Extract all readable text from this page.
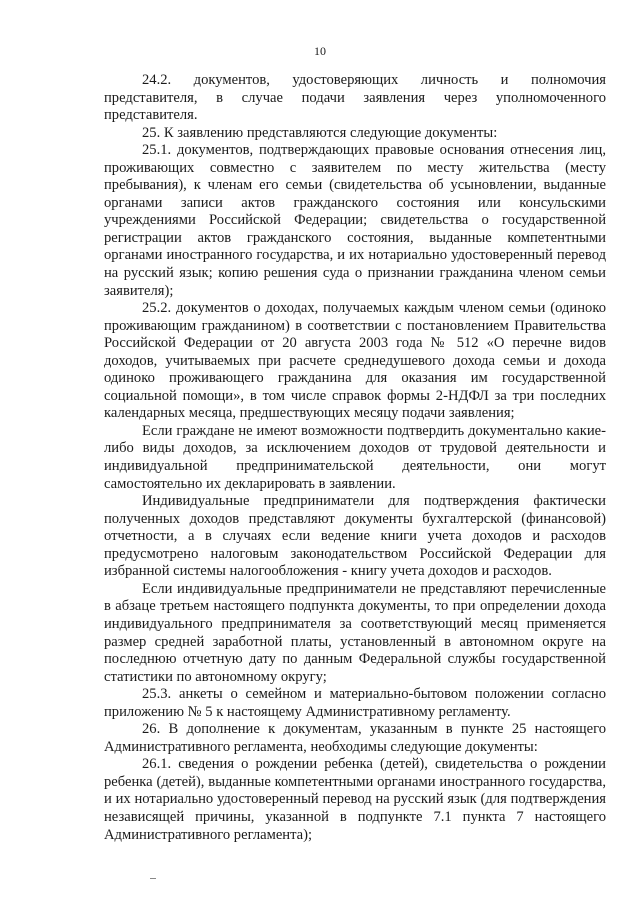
10

24.2. документов, удостоверяющих личность и полномочия представителя, в случае подачи заявления через уполномоченного представителя.

25. К заявлению представляются следующие документы:

25.1. документов, подтверждающих правовые основания отнесения лиц, проживающих совместно с заявителем по месту жительства (месту пребывания), к членам его семьи (свидетельства об усыновлении, выданные органами записи актов гражданского состояния или консульскими учреждениями Российской Федерации; свидетельства о государственной регистрации актов гражданского состояния, выданные компетентными органами иностранного государства, и их нотариально удостоверенный перевод на русский язык; копию решения суда о признании гражданина членом семьи заявителя);

25.2. документов о доходах, получаемых каждым членом семьи (одиноко проживающим гражданином) в соответствии с постановлением Правительства Российской Федерации от 20 августа 2003 года № 512 «О перечне видов доходов, учитываемых при расчете среднедушевого дохода семьи и дохода одиноко проживающего гражданина для оказания им государственной социальной помощи», в том числе справок формы 2-НДФЛ за три последних календарных месяца, предшествующих месяцу подачи заявления;

Если граждане не имеют возможности подтвердить документально какие-либо виды доходов, за исключением доходов от трудовой деятельности и индивидуальной предпринимательской деятельности, они могут самостоятельно их декларировать в заявлении.

Индивидуальные предприниматели для подтверждения фактически полученных доходов представляют документы бухгалтерской (финансовой) отчетности, а в случаях если ведение книги учета доходов и расходов предусмотрено налоговым законодательством Российской Федерации для избранной системы налогообложения - книгу учета доходов и расходов.

Если индивидуальные предприниматели не представляют перечисленные в абзаце третьем настоящего подпункта документы, то при определении дохода индивидуального предпринимателя за соответствующий месяц применяется размер средней заработной платы, установленный в автономном округе на последнюю отчетную дату по данным Федеральной службы государственной статистики по автономному округу;

25.3. анкеты о семейном и материально-бытовом положении согласно приложению № 5 к настоящему Административному регламенту.

26. В дополнение к документам, указанным в пункте 25 настоящего Административного регламента, необходимы следующие документы:

26.1. сведения о рождении ребенка (детей), свидетельства о рождении ребенка (детей), выданные компетентными органами иностранного государства, и их нотариально удостоверенный перевод на русский язык (для подтверждения независящей причины, указанной в подпункте 7.1 пункта 7 настоящего Административного регламента);
